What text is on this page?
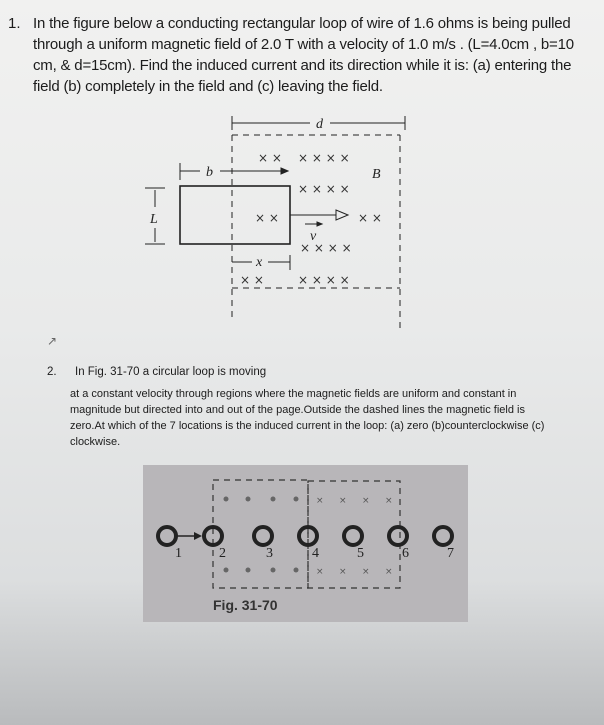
1. In the figure below a conducting rectangular loop of wire of 1.6 ohms is being pulled through a uniform magnetic field of 2.0 T with a velocity of 1.0 m/s . (L=4.0cm , b=10 cm, & d=15cm). Find the induced current and its direction while it is: (a) entering the field (b) completely in the field and (c) leaving the field.
× × × × × ×
× × × ×
× ×	× ×
× × × ×
× ×	× × × ×
d
b	B
L
v
x
↗
2. In Fig. 31-70 a circular loop is moving
at a constant velocity through regions where the magnetic fields are uniform and constant in magnitude but directed into and out of the page.Outside the dashed lines the magnetic field is zero.At which of the 7 locations is the induced current in the loop: (a) zero (b)counterclockwise (c) clockwise.
× × × ×
× × × ×
1	2	3	4	5	6	7
Fig. 31-70
